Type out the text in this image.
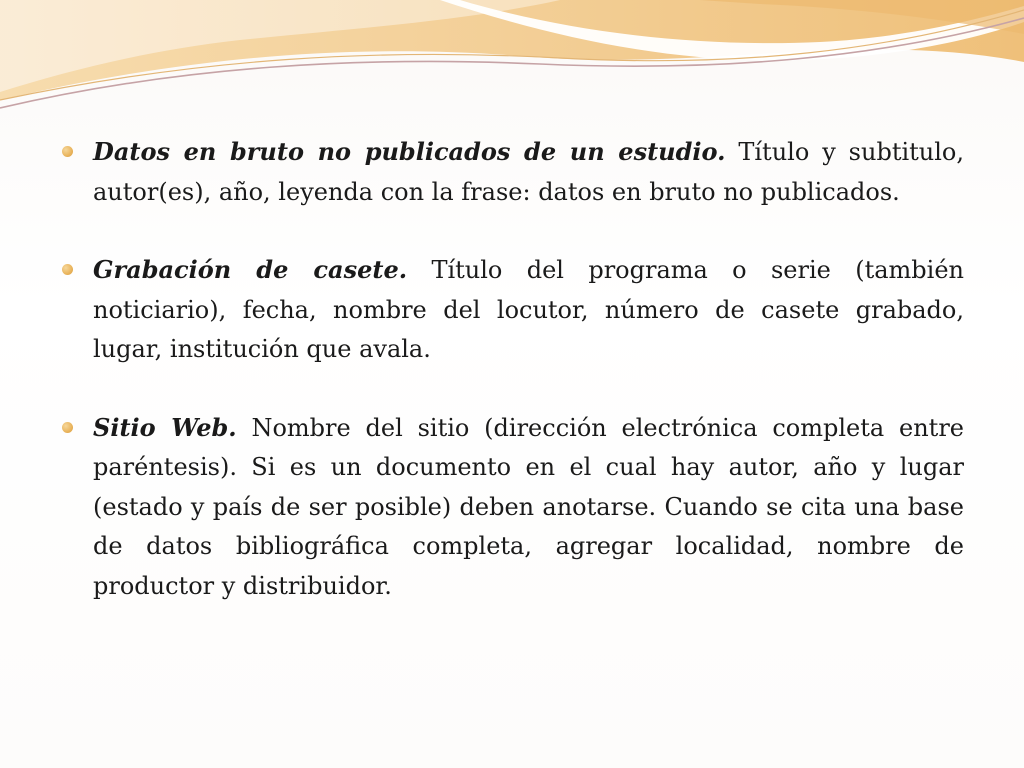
Datos en bruto no publicados de un estudio. Título y subtitulo, autor(es), año, leyenda con la frase: datos en bruto no publicados.
Grabación de casete. Título del programa o serie (también noticiario), fecha, nombre del locutor, número de casete grabado, lugar, institución que avala.
Sitio Web. Nombre del sitio (dirección electrónica completa entre paréntesis). Si es un documento en el cual hay autor, año y lugar (estado y país de ser posible) deben anotarse. Cuando se cita una base de datos bibliográfica completa, agregar localidad, nombre de productor y distribuidor.
